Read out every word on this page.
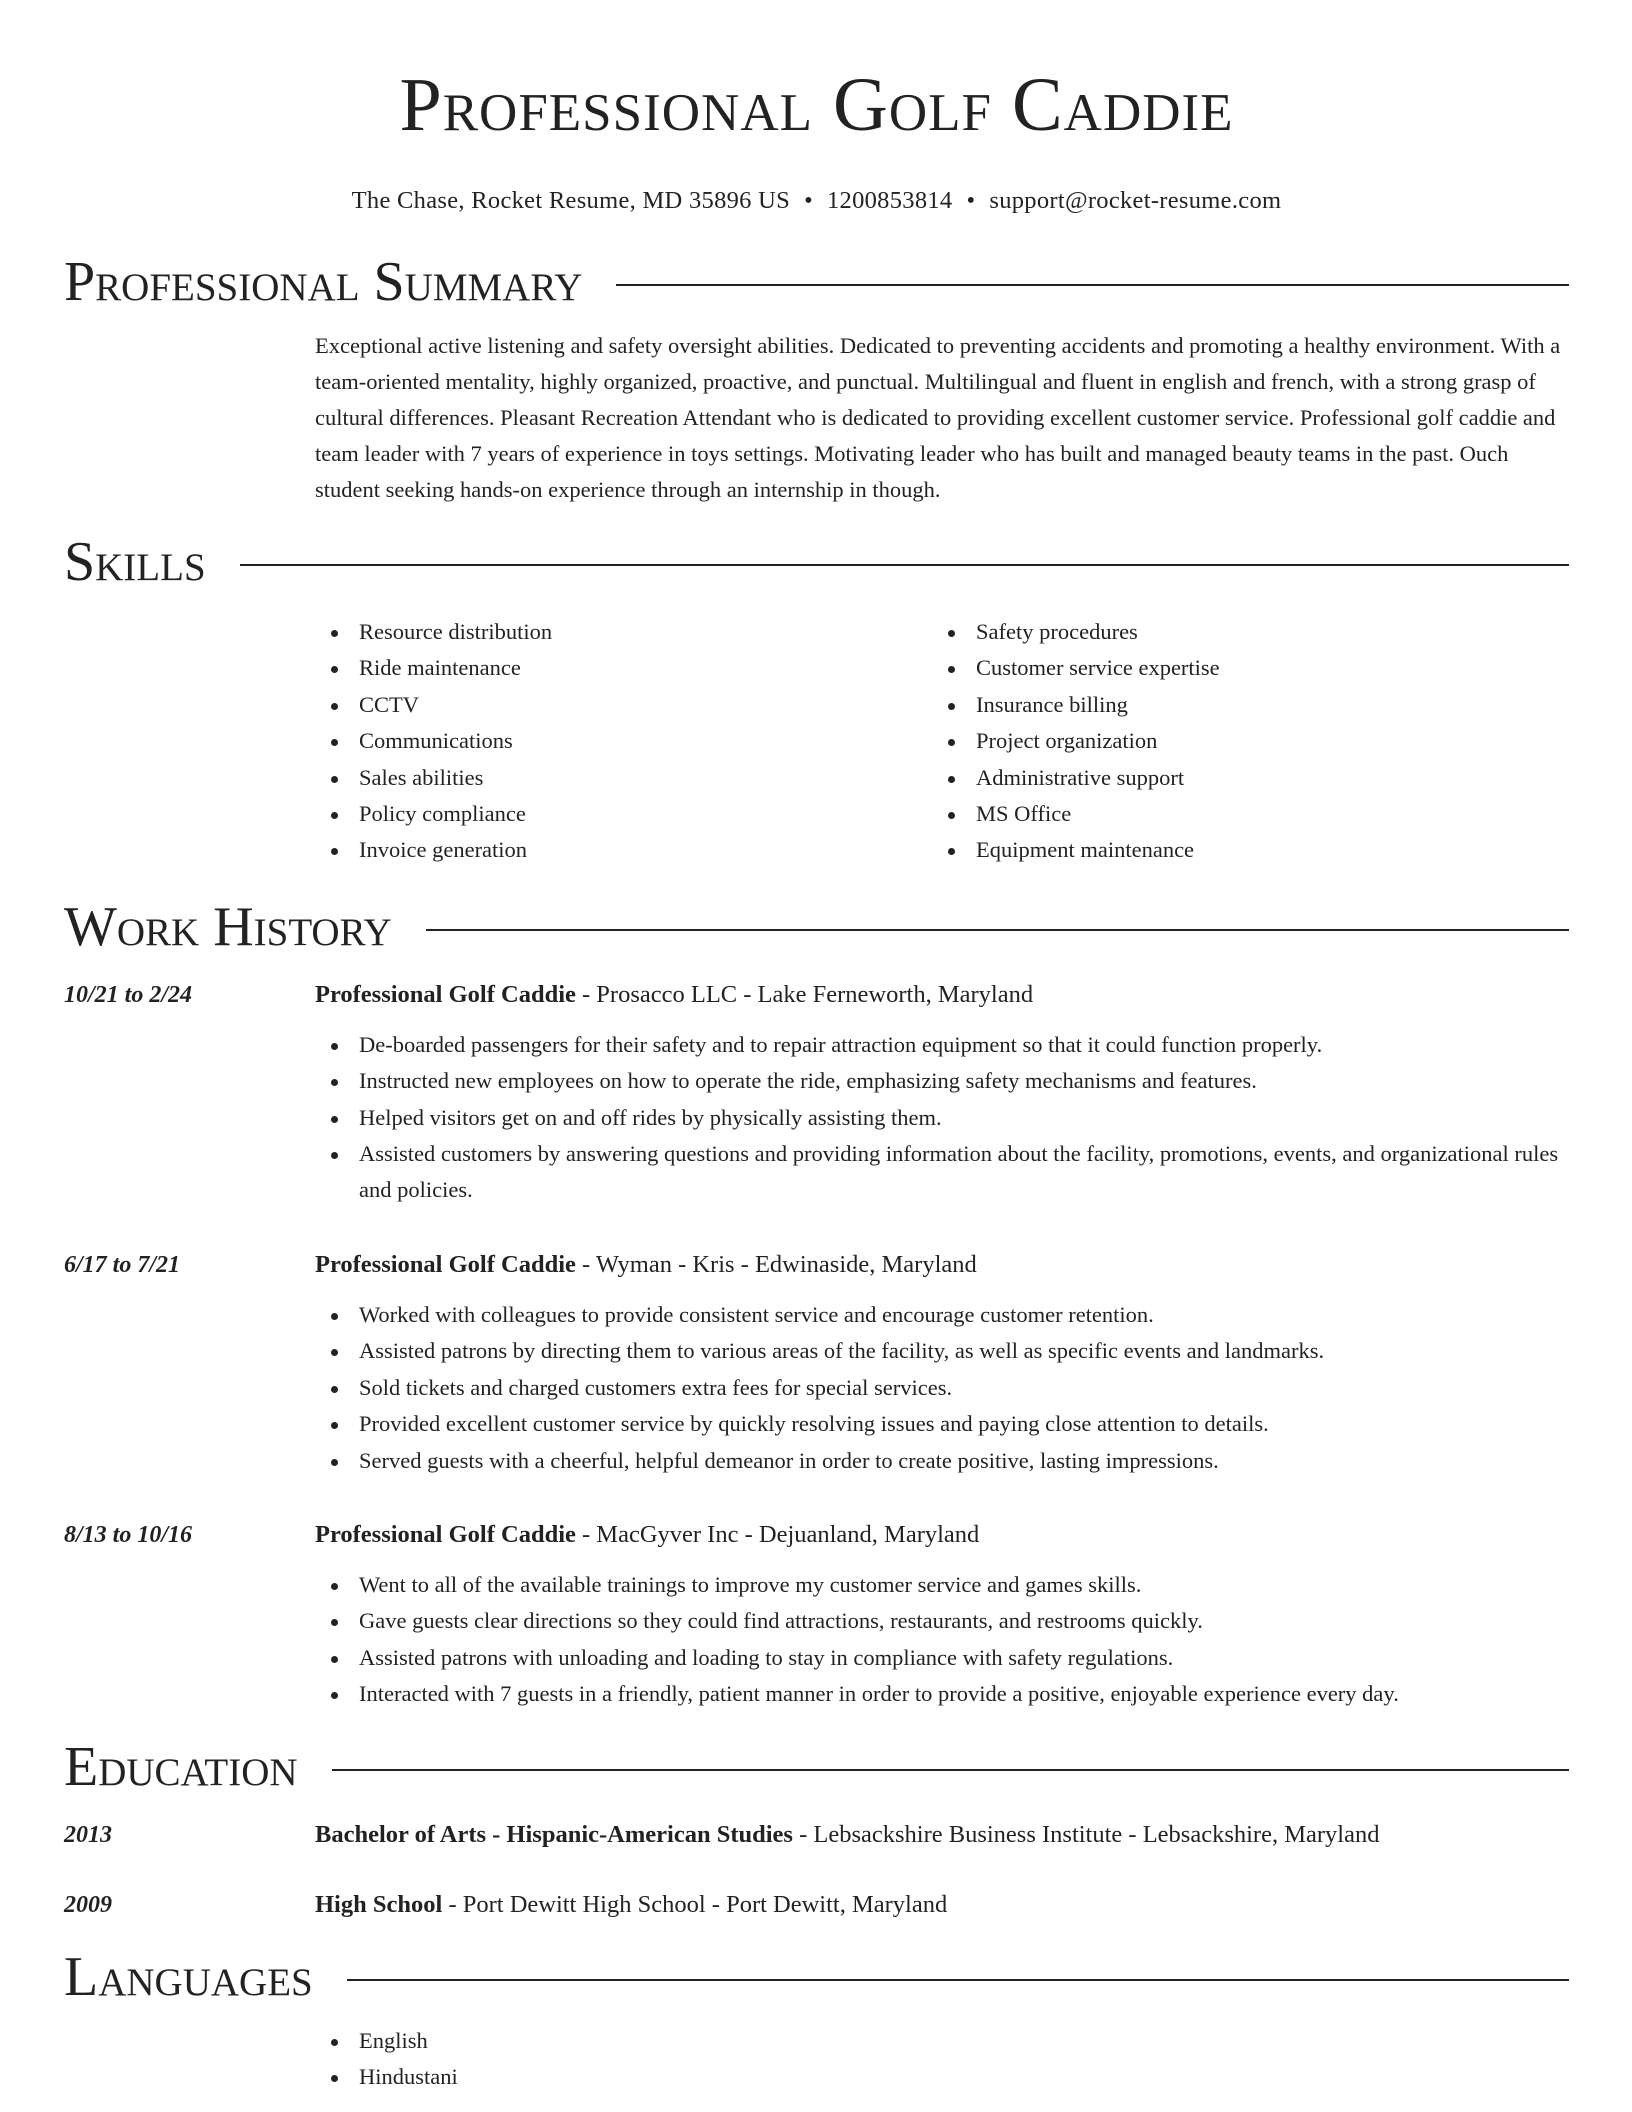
Professional Golf Caddie
The Chase, Rocket Resume, MD 35896 US • 1200853814 • support@rocket-resume.com
Professional Summary
Exceptional active listening and safety oversight abilities. Dedicated to preventing accidents and promoting a healthy environment. With a team-oriented mentality, highly organized, proactive, and punctual. Multilingual and fluent in english and french, with a strong grasp of cultural differences. Pleasant Recreation Attendant who is dedicated to providing excellent customer service. Professional golf caddie and team leader with 7 years of experience in toys settings. Motivating leader who has built and managed beauty teams in the past. Ouch student seeking hands-on experience through an internship in though.
Skills
Resource distribution
Ride maintenance
CCTV
Communications
Sales abilities
Policy compliance
Invoice generation
Safety procedures
Customer service expertise
Insurance billing
Project organization
Administrative support
MS Office
Equipment maintenance
Work History
10/21 to 2/24	Professional Golf Caddie - Prosacco LLC - Lake Ferneworth, Maryland
De-boarded passengers for their safety and to repair attraction equipment so that it could function properly.
Instructed new employees on how to operate the ride, emphasizing safety mechanisms and features.
Helped visitors get on and off rides by physically assisting them.
Assisted customers by answering questions and providing information about the facility, promotions, events, and organizational rules and policies.
6/17 to 7/21	Professional Golf Caddie - Wyman - Kris - Edwinaside, Maryland
Worked with colleagues to provide consistent service and encourage customer retention.
Assisted patrons by directing them to various areas of the facility, as well as specific events and landmarks.
Sold tickets and charged customers extra fees for special services.
Provided excellent customer service by quickly resolving issues and paying close attention to details.
Served guests with a cheerful, helpful demeanor in order to create positive, lasting impressions.
8/13 to 10/16	Professional Golf Caddie - MacGyver Inc - Dejuanland, Maryland
Went to all of the available trainings to improve my customer service and games skills.
Gave guests clear directions so they could find attractions, restaurants, and restrooms quickly.
Assisted patrons with unloading and loading to stay in compliance with safety regulations.
Interacted with 7 guests in a friendly, patient manner in order to provide a positive, enjoyable experience every day.
Education
2013	Bachelor of Arts - Hispanic-American Studies - Lebsackshire Business Institute - Lebsackshire, Maryland
2009	High School - Port Dewitt High School - Port Dewitt, Maryland
Languages
English
Hindustani
